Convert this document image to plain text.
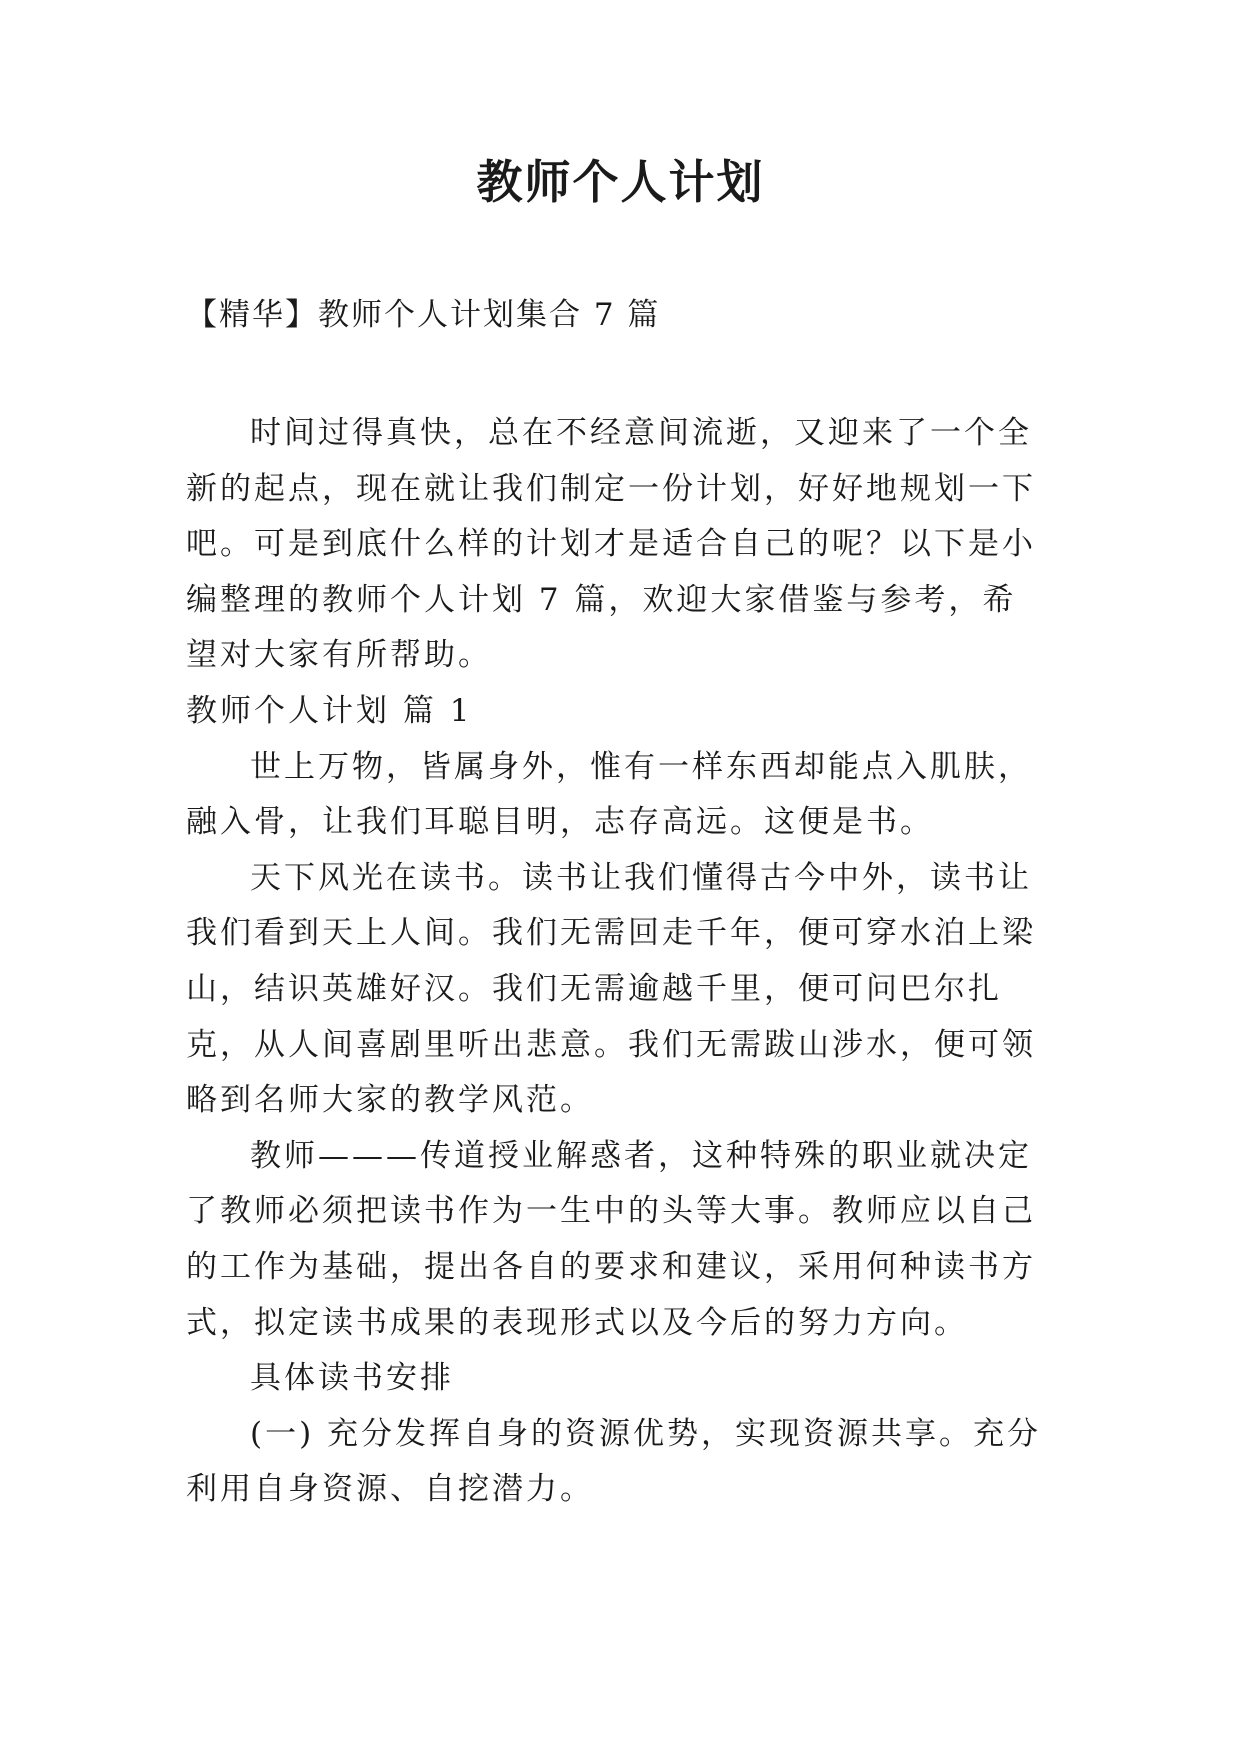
教师个人计划

【精华】教师个人计划集合 7 篇

时间过得真快，总在不经意间流逝，又迎来了一个全新的起点，现在就让我们制定一份计划，好好地规划一下吧。可是到底什么样的计划才是适合自己的呢？以下是小编整理的教师个人计划 7 篇，欢迎大家借鉴与参考，希望对大家有所帮助。

教师个人计划 篇 1

世上万物，皆属身外，惟有一样东西却能点入肌肤，融入骨，让我们耳聪目明，志存高远。这便是书。

天下风光在读书。读书让我们懂得古今中外，读书让我们看到天上人间。我们无需回走千年，便可穿水泊上梁山，结识英雄好汉。我们无需逾越千里，便可问巴尔扎克，从人间喜剧里听出悲意。我们无需跋山涉水，便可领略到名师大家的教学风范。

教师———传道授业解惑者，这种特殊的职业就决定了教师必须把读书作为一生中的头等大事。教师应以自己的工作为基础，提出各自的要求和建议，采用何种读书方式，拟定读书成果的表现形式以及今后的努力方向。

具体读书安排

(一) 充分发挥自身的资源优势，实现资源共享。充分利用自身资源、自挖潜力。
